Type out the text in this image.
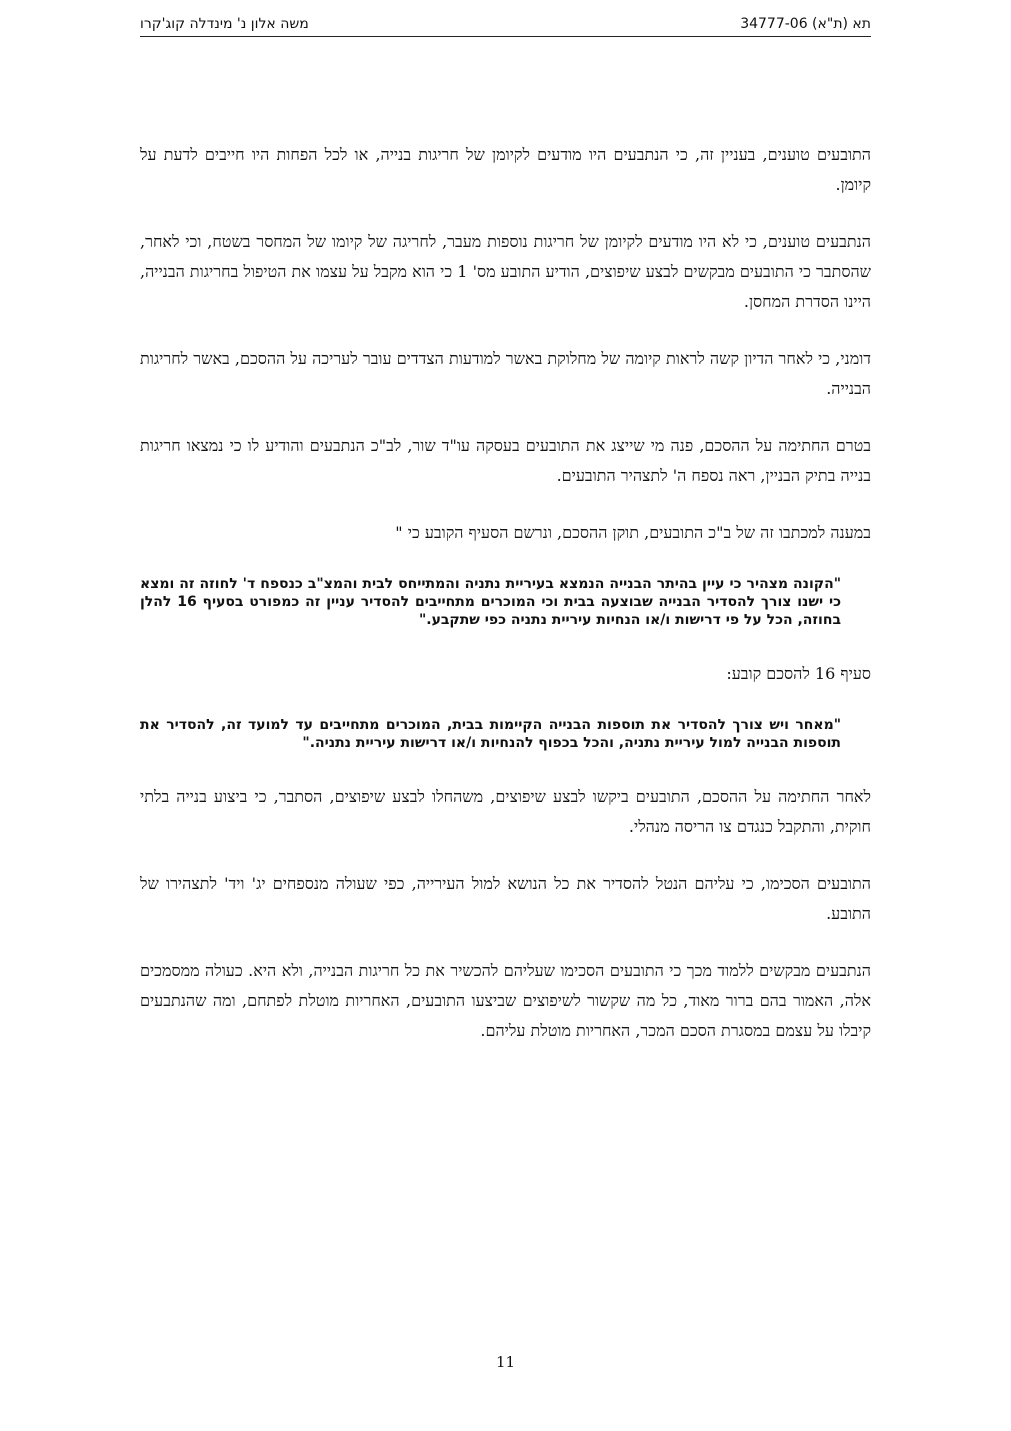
תא (ת"א) 34777-06
משה אלון נ' מינדלה קוג'קרו

התובעים טוענים, בעניין זה, כי הנתבעים היו מודעים לקיומן של חריגות בנייה, או לכל הפחות היו חייבים לדעת על קיומן.

הנתבעים טוענים, כי לא היו מודעים לקיומן של חריגות נוספות מעבר, לחריגה של קיומו של המחסר בשטח, וכי לאחר, שהסתבר כי התובעים מבקשים לבצע שיפוצים, הודיע התובע מס' 1 כי הוא מקבל על עצמו את הטיפול בחריגות הבנייה, היינו הסדרת המחסן.

דומני, כי לאחר הדיון קשה לראות קיומה של מחלוקת באשר למודעות הצדדים עובר לעריכה על ההסכם, באשר לחריגות הבנייה.

בטרם החתימה על ההסכם, פנה מי שייצג את התובעים בעסקה עו"ד שור, לב"כ הנתבעים והודיע לו כי נמצאו חריגות בנייה בתיק הבניין, ראה נספח ה' לתצהיר התובעים.

במענה למכתבו זה של ב"כ התובעים, תוקן ההסכם, ונרשם הסעיף הקובע כי "

"הקונה מצהיר כי עיין בהיתר הבנייה הנמצא בעיריית נתניה והמתייחס לבית והמצ"ב כנספח ד' לחוזה זה ומצא כי ישנו צורך להסדיר הבנייה שבוצעה בבית וכי המוכרים מתחייבים להסדיר עניין זה כמפורט בסעיף 16 להלן בחוזה, הכל על פי דרישות ו/או הנחיות עיריית נתניה כפי שתקבע."

סעיף 16 להסכם קובע:

"מאחר ויש צורך להסדיר את תוספות הבנייה הקיימות בבית, המוכרים מתחייבים עד למועד זה, להסדיר את תוספות הבנייה למול עיריית נתניה, והכל בכפוף להנחיות ו/או דרישות עיריית נתניה."

לאחר החתימה על ההסכם, התובעים ביקשו לבצע שיפוצים, משהחלו לבצע שיפוצים, הסתבר, כי ביצוע בנייה בלתי חוקית, והתקבל כנגדם צו הריסה מנהלי.

התובעים הסכימו, כי עליהם הנטל להסדיר את כל הנושא למול העירייה, כפי שעולה מנספחים יג' ויד' לתצהירו של התובע.

הנתבעים מבקשים ללמוד מכך כי התובעים הסכימו שעליהם להכשיר את כל חריגות הבנייה, ולא היא. כעולה ממסמכים אלה, האמור בהם ברור מאוד, כל מה שקשור לשיפוצים שביצעו התובעים, האחריות מוטלת לפתחם, ומה שהנתבעים קיבלו על עצמם במסגרת הסכם המכר, האחריות מוטלת עליהם.

11
